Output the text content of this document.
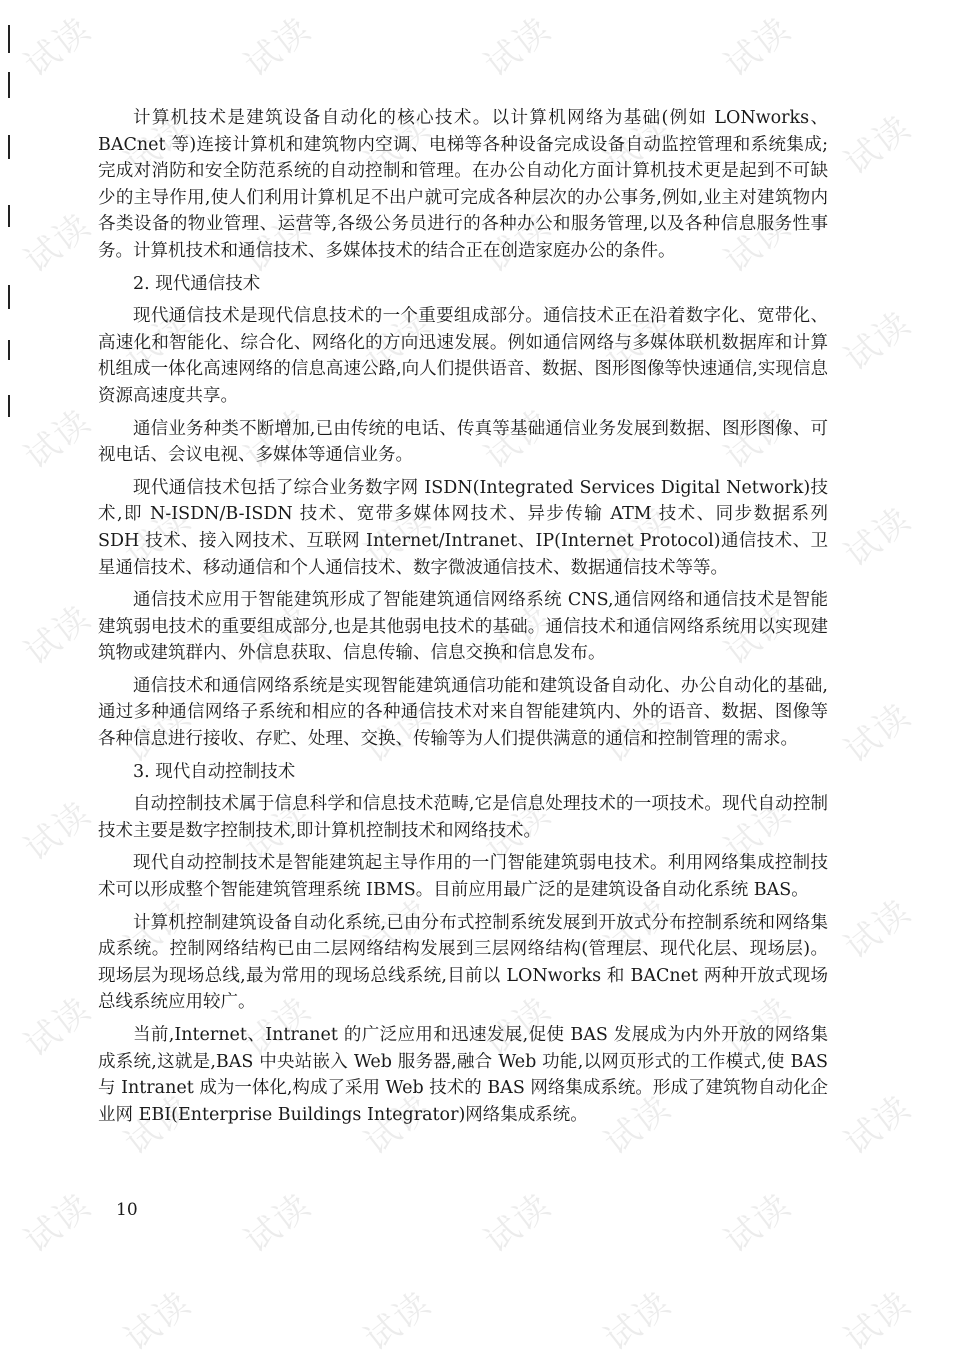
试读	试读	试读	试读
试读	试读	试读	试读
试读	试读	试读	试读
试读	试读	试读	试读
试读	试读	试读	试读
试读	试读	试读	试读
试读	试读	试读	试读
试读	试读	试读	试读
试读	试读	试读	试读
试读	试读	试读	试读
试读	试读	试读	试读
试读	试读	试读	试读
试读	试读	试读	试读
试读	试读	试读	试读

计算机技术是建筑设备自动化的核心技术。以计算机网络为基础(例如 LONworks、BACnet 等)连接计算机和建筑物内空调、电梯等各种设备完成设备自动监控管理和系统集成;完成对消防和安全防范系统的自动控制和管理。在办公自动化方面计算机技术更是起到不可缺少的主导作用,使人们利用计算机足不出户就可完成各种层次的办公事务,例如,业主对建筑物内各类设备的物业管理、运营等,各级公务员进行的各种办公和服务管理,以及各种信息服务性事务。计算机技术和通信技术、多媒体技术的结合正在创造家庭办公的条件。

2. 现代通信技术

现代通信技术是现代信息技术的一个重要组成部分。通信技术正在沿着数字化、宽带化、高速化和智能化、综合化、网络化的方向迅速发展。例如通信网络与多媒体联机数据库和计算机组成一体化高速网络的信息高速公路,向人们提供语音、数据、图形图像等快速通信,实现信息资源高速度共享。

通信业务种类不断增加,已由传统的电话、传真等基础通信业务发展到数据、图形图像、可视电话、会议电视、多媒体等通信业务。

现代通信技术包括了综合业务数字网 ISDN(Integrated Services Digital Network)技术,即 N-ISDN/B-ISDN 技术、宽带多媒体网技术、异步传输 ATM 技术、同步数据系列 SDH 技术、接入网技术、互联网 Internet/Intranet、IP(Internet Protocol)通信技术、卫星通信技术、移动通信和个人通信技术、数字微波通信技术、数据通信技术等等。

通信技术应用于智能建筑形成了智能建筑通信网络系统 CNS,通信网络和通信技术是智能建筑弱电技术的重要组成部分,也是其他弱电技术的基础。通信技术和通信网络系统用以实现建筑物或建筑群内、外信息获取、信息传输、信息交换和信息发布。

通信技术和通信网络系统是实现智能建筑通信功能和建筑设备自动化、办公自动化的基础,通过多种通信网络子系统和相应的各种通信技术对来自智能建筑内、外的语音、数据、图像等各种信息进行接收、存贮、处理、交换、传输等为人们提供满意的通信和控制管理的需求。

3. 现代自动控制技术

自动控制技术属于信息科学和信息技术范畴,它是信息处理技术的一项技术。现代自动控制技术主要是数字控制技术,即计算机控制技术和网络技术。

现代自动控制技术是智能建筑起主导作用的一门智能建筑弱电技术。利用网络集成控制技术可以形成整个智能建筑管理系统 IBMS。目前应用最广泛的是建筑设备自动化系统 BAS。

计算机控制建筑设备自动化系统,已由分布式控制系统发展到开放式分布控制系统和网络集成系统。控制网络结构已由二层网络结构发展到三层网络结构(管理层、现代化层、现场层)。现场层为现场总线,最为常用的现场总线系统,目前以 LONworks 和 BACnet 两种开放式现场总线系统应用较广。

当前,Internet、Intranet 的广泛应用和迅速发展,促使 BAS 发展成为内外开放的网络集成系统,这就是,BAS 中央站嵌入 Web 服务器,融合 Web 功能,以网页形式的工作模式,使 BAS 与 Intranet 成为一体化,构成了采用 Web 技术的 BAS 网络集成系统。形成了建筑物自动化企业网 EBI(Enterprise Buildings Integrator)网络集成系统。

10
